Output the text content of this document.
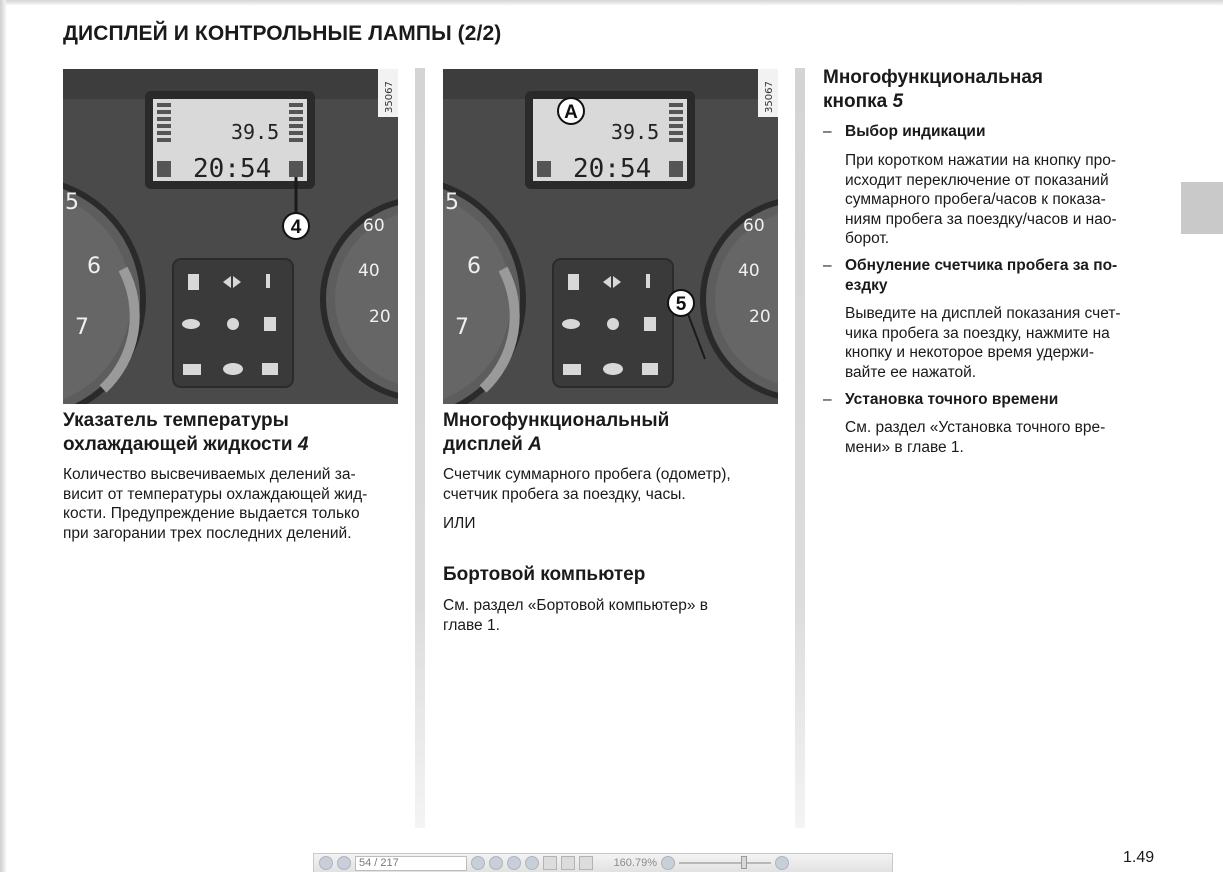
ДИСПЛЕЙ И КОНТРОЛЬНЫЕ ЛАМПЫ (2/2)
5
6
7
60
40
20
35067
39.5
20:54
4
5
6
7
60
40
20
35067
39.5
20:54
A
5
Указатель температуры
охлаждающей жидкости 4
Количество высвечиваемых делений за-
висит от температуры охлаждающей жид-
кости. Предупреждение выдается только
при загорании трех последних делений.
Многофункциональный
дисплей A
Счетчик суммарного пробега (одометр),
счетчик пробега за поездку, часы.
ИЛИ
Бортовой компьютер
См. раздел «Бортовой компьютер» в
главе 1.
Многофункциональная
кнопка 5
– Выбор индикации
При коротком нажатии на кнопку про-
исходит переключение от показаний
суммарного пробега/часов к показа-
ниям пробега за поездку/часов и нао-
борот.
– Обнуление счетчика пробега за по-
ездку
Выведите на дисплей показания счет-
чика пробега за поездку, нажмите на
кнопку и некоторое время удержи-
вайте ее нажатой.
– Установка точного времени
См. раздел «Установка точного вре-
мени» в главе 1.
1.49
54 / 217	160.79%
